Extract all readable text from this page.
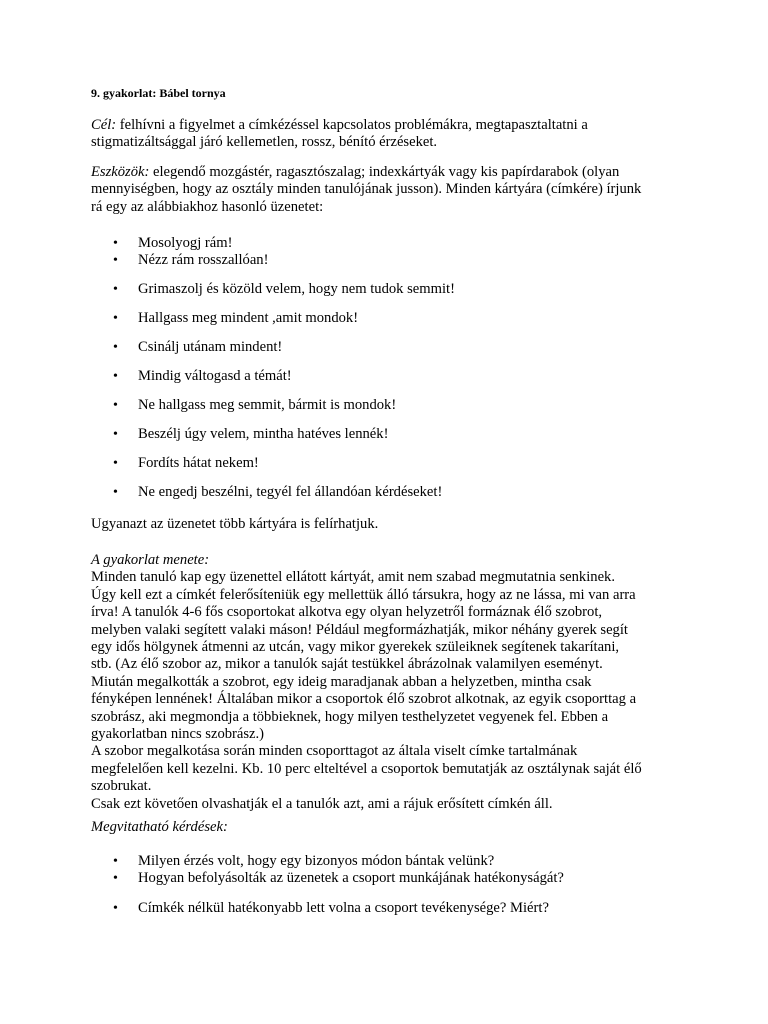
9. gyakorlat: Bábel tornya
Cél: felhívni a figyelmet a címkézéssel kapcsolatos problémákra, megtapasztaltatni a
stigmatizáltsággal járó kellemetlen, rossz, bénító érzéseket.
Eszközök: elegendő mozgástér, ragasztószalag; indexkártyák vagy kis papírdarabok (olyan
mennyiségben, hogy az osztály minden tanulójának jusson). Minden kártyára (címkére) írjunk
rá egy az alábbiakhoz hasonló üzenetet:
• Mosolyogj rám!
• Nézz rám rosszallóan!
• Grimaszolj és közöld velem, hogy nem tudok semmit!
• Hallgass meg mindent ,amit mondok!
• Csinálj utánam mindent!
• Mindig váltogasd a témát!
• Ne hallgass meg semmit, bármit is mondok!
• Beszélj úgy velem, mintha hatéves lennék!
• Fordíts hátat nekem!
• Ne engedj beszélni, tegyél fel állandóan kérdéseket!
Ugyanazt az üzenetet több kártyára is felírhatjuk.
A gyakorlat menete:
Minden tanuló kap egy üzenettel ellátott kártyát, amit nem szabad megmutatnia senkinek.
Úgy kell ezt a címkét felerősíteniük egy mellettük álló társukra, hogy az ne lássa, mi van arra
írva! A tanulók 4-6 fős csoportokat alkotva egy olyan helyzetről formáznak élő szobrot,
melyben valaki segített valaki máson! Például megformázhatják, mikor néhány gyerek segít
egy idős hölgynek átmenni az utcán, vagy mikor gyerekek szüleiknek segítenek takarítani,
stb. (Az élő szobor az, mikor a tanulók saját testükkel ábrázolnak valamilyen eseményt.
Miután megalkották a szobrot, egy ideig maradjanak abban a helyzetben, mintha csak
fényképen lennének! Általában mikor a csoportok élő szobrot alkotnak, az egyik csoporttag a
szobrász, aki megmondja a többieknek, hogy milyen testhelyzetet vegyenek fel. Ebben a
gyakorlatban nincs szobrász.)
A szobor megalkotása során minden csoporttagot az általa viselt címke tartalmának
megfelelően kell kezelni. Kb. 10 perc elteltével a csoportok bemutatják az osztálynak saját élő
szobrukat.
Csak ezt követően olvashatják el a tanulók azt, ami a rájuk erősített címkén áll.
Megvitatható kérdések:
• Milyen érzés volt, hogy egy bizonyos módon bántak velünk?
• Hogyan befolyásolták az üzenetek a csoport munkájának hatékonyságát?
• Címkék nélkül hatékonyabb lett volna a csoport tevékenysége? Miért?
